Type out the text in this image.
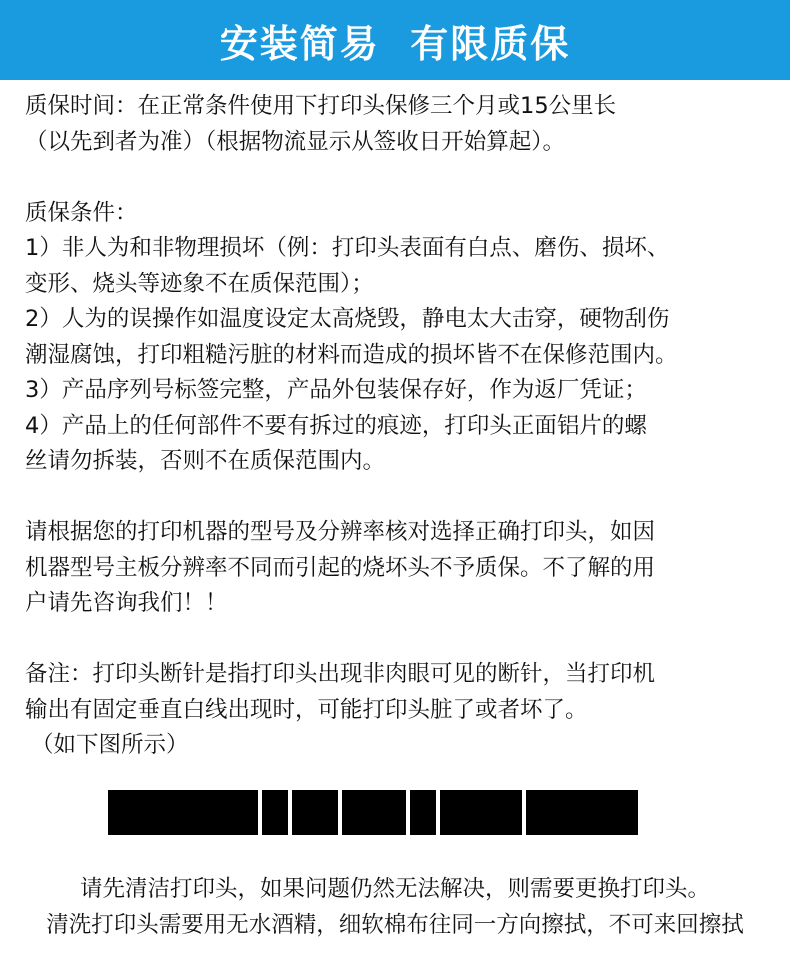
安装简易  有限质保
质保时间：在正常条件使用下打印头保修三个月或15公里长
（以先到者为准）（根据物流显示从签收日开始算起）。
质保条件：
1）非人为和非物理损坏（例：打印头表面有白点、磨伤、损坏、
变形、烧头等迹象不在质保范围）；
2）人为的误操作如温度设定太高烧毁，静电太大击穿，硬物刮伤
潮湿腐蚀，打印粗糙污脏的材料而造成的损坏皆不在保修范围内。
3）产品序列号标签完整，产品外包装保存好，作为返厂凭证；
4）产品上的任何部件不要有拆过的痕迹，打印头正面铝片的螺
丝请勿拆装，否则不在质保范围内。
请根据您的打印机器的型号及分辨率核对选择正确打印头，如因
机器型号主板分辨率不同而引起的烧坏头不予质保。不了解的用
户请先咨询我们！！
备注：打印头断针是指打印头出现非肉眼可见的断针，当打印机
输出有固定垂直白线出现时，可能打印头脏了或者坏了。
（如下图所示）
请先清洁打印头，如果问题仍然无法解决，则需要更换打印头。
清洗打印头需要用无水酒精，细软棉布往同一方向擦拭，不可来回擦拭
